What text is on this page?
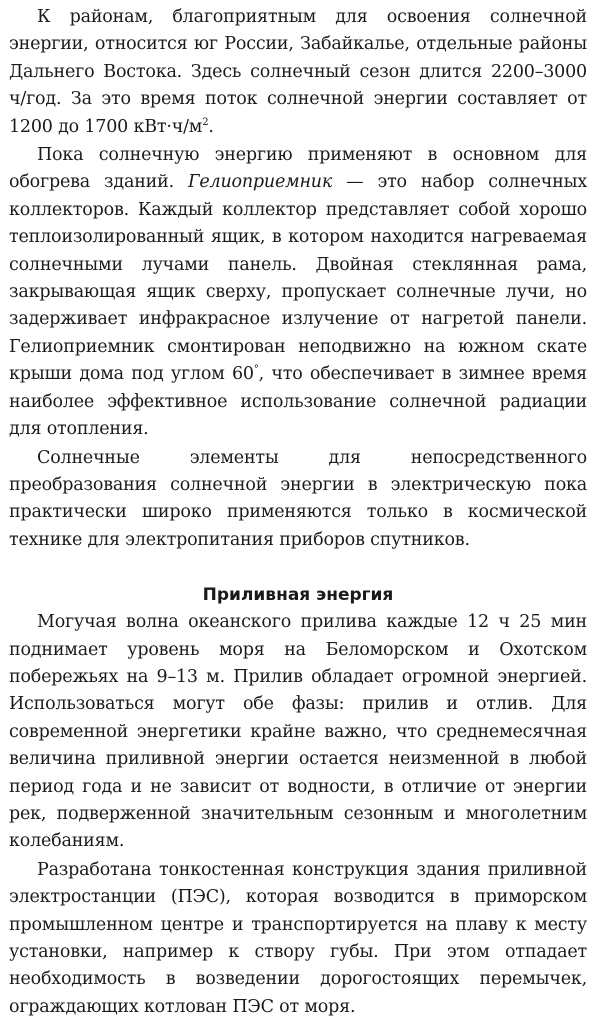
К районам, благоприятным для освоения солнечной энергии, относится юг России, Забайкалье, отдельные районы Дальнего Востока. Здесь солнечный сезон длится 2200–3000 ч/год. За это время поток солнечной энергии составляет от 1200 до 1700 $кВт\cdot ч/м^2$.

Пока солнечную энергию применяют в основном для обогрева зданий. Гелиоприемник — это набор солнечных коллекторов. Каждый коллектор представляет собой хорошо теплоизолированный ящик, в котором находится нагреваемая солнечными лучами панель. Двойная стеклянная рама, закрывающая ящик сверху, пропускает солнечные лучи, но задерживает инфракрасное излучение от нагретой панели. Гелиоприемник смонтирован неподвижно на южном скате крыши дома под углом 60°, что обеспечивает в зимнее время наиболее эффективное использование солнечной радиации для отопления.

Солнечные элементы для непосредственного преобразования солнечной энергии в электрическую пока практически широко применяются только в космической технике для электропитания приборов спутников.

Приливная энергия

Могучая волна океанского прилива каждые 12 ч 25 мин поднимает уровень моря на Беломорском и Охотском побережьях на 9–13 м. Прилив обладает огромной энергией. Использоваться могут обе фазы: прилив и отлив. Для современной энергетики крайне важно, что среднемесячная величина приливной энергии остается неизменной в любой период года и не зависит от водности, в отличие от энергии рек, подверженной значительным сезонным и многолетним колебаниям.

Разработана тонкостенная конструкция здания приливной электростанции (ПЭС), которая возводится в приморском промышленном центре и транспортируется на плаву к месту установки, например к створу губы. При этом отпадает необходимость в возведении дорогостоящих перемычек, ограждающих котлован ПЭС от моря.
